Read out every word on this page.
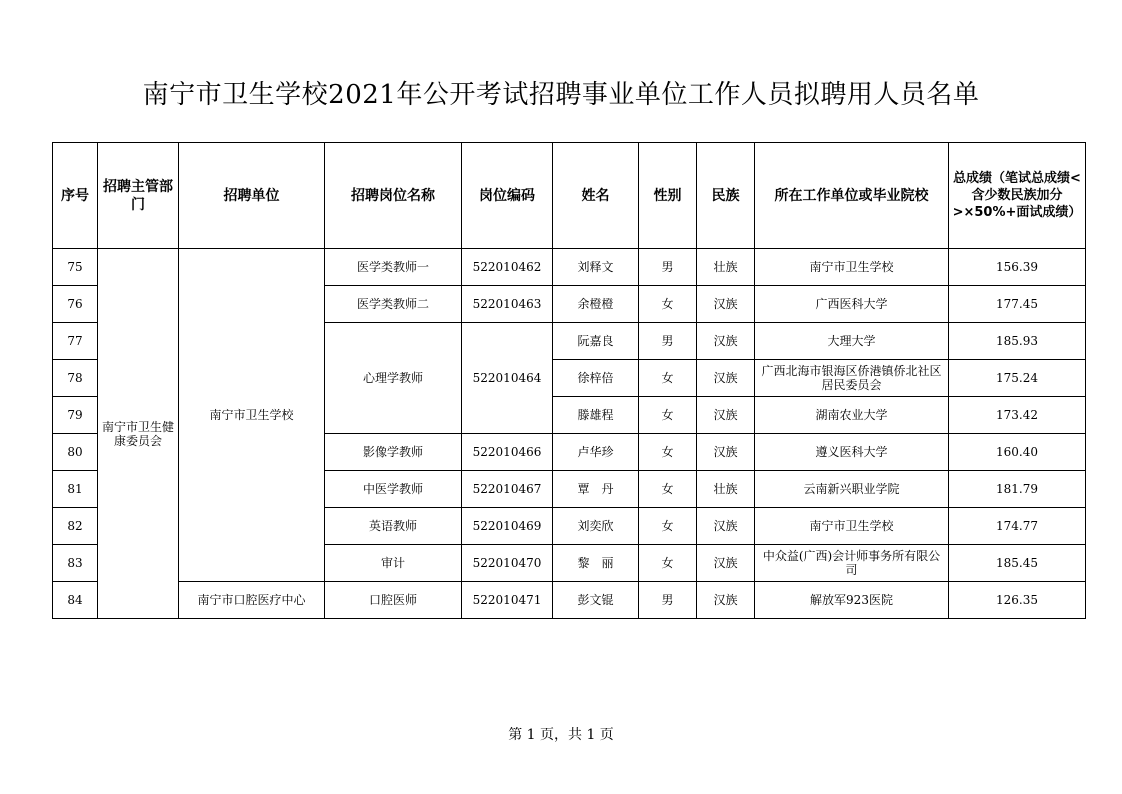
南宁市卫生学校2021年公开考试招聘事业单位工作人员拟聘用人员名单
序号	招聘主管部门	招聘单位	招聘岗位名称	岗位编码	姓名	性别	民族	所在工作单位或毕业院校	总成绩（笔试总成绩<含少数民族加分>×50%+面试成绩）
75	南宁市卫生健康委员会	南宁市卫生学校	医学类教师一	522010462	刘释文	男	壮族	南宁市卫生学校	156.39
76			医学类教师二	522010463	余橙橙	女	汉族	广西医科大学	177.45
77			心理学教师	522010464	阮嘉良	男	汉族	大理大学	185.93
78					徐梓倍	女	汉族	广西北海市银海区侨港镇侨北社区居民委员会	175.24
79					滕雄程	女	汉族	湖南农业大学	173.42
80			影像学教师	522010466	卢华珍	女	汉族	遵义医科大学	160.40
81			中医学教师	522010467	覃　丹	女	壮族	云南新兴职业学院	181.79
82			英语教师	522010469	刘奕欣	女	汉族	南宁市卫生学校	174.77
83			审计	522010470	黎　丽	女	汉族	中众益(广西)会计师事务所有限公司	185.45
84		南宁市口腔医疗中心	口腔医师	522010471	彭文锟	男	汉族	解放军923医院	126.35
第 1 页，共 1 页
